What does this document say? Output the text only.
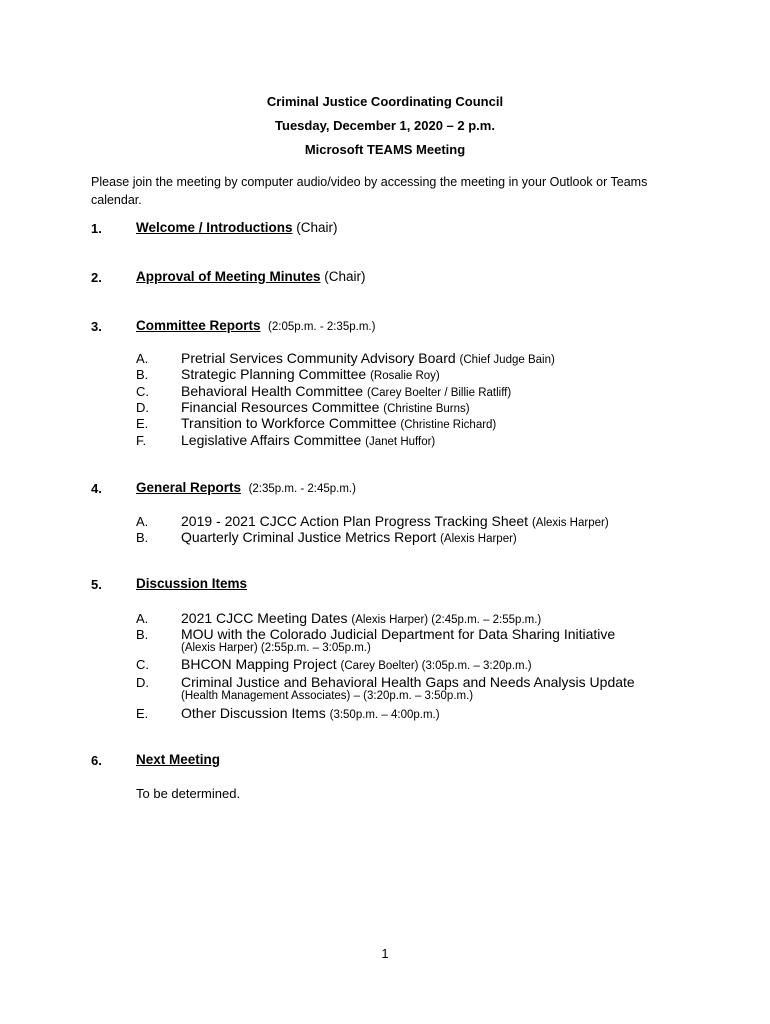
Criminal Justice Coordinating Council
Tuesday, December 1, 2020 – 2 p.m.
Microsoft TEAMS Meeting
Please join the meeting by computer audio/video by accessing the meeting in your Outlook or Teams calendar.
1.	Welcome / Introductions (Chair)
2.	Approval of Meeting Minutes (Chair)
3.	Committee Reports (2:05p.m. - 2:35p.m.)
A. Pretrial Services Community Advisory Board (Chief Judge Bain)
B. Strategic Planning Committee (Rosalie Roy)
C. Behavioral Health Committee (Carey Boelter / Billie Ratliff)
D. Financial Resources Committee (Christine Burns)
E. Transition to Workforce Committee (Christine Richard)
F. Legislative Affairs Committee (Janet Huffor)
4.	General Reports (2:35p.m. - 2:45p.m.)
A. 2019 - 2021 CJCC Action Plan Progress Tracking Sheet (Alexis Harper)
B. Quarterly Criminal Justice Metrics Report (Alexis Harper)
5.	Discussion Items
A. 2021 CJCC Meeting Dates (Alexis Harper) (2:45p.m. – 2:55p.m.)
B. MOU with the Colorado Judicial Department for Data Sharing Initiative
(Alexis Harper) (2:55p.m. – 3:05p.m.)
C. BHCON Mapping Project (Carey Boelter) (3:05p.m. – 3:20p.m.)
D. Criminal Justice and Behavioral Health Gaps and Needs Analysis Update
(Health Management Associates) – (3:20p.m. – 3:50p.m.)
E. Other Discussion Items (3:50p.m. – 4:00p.m.)
6.	Next Meeting
To be determined.
1
